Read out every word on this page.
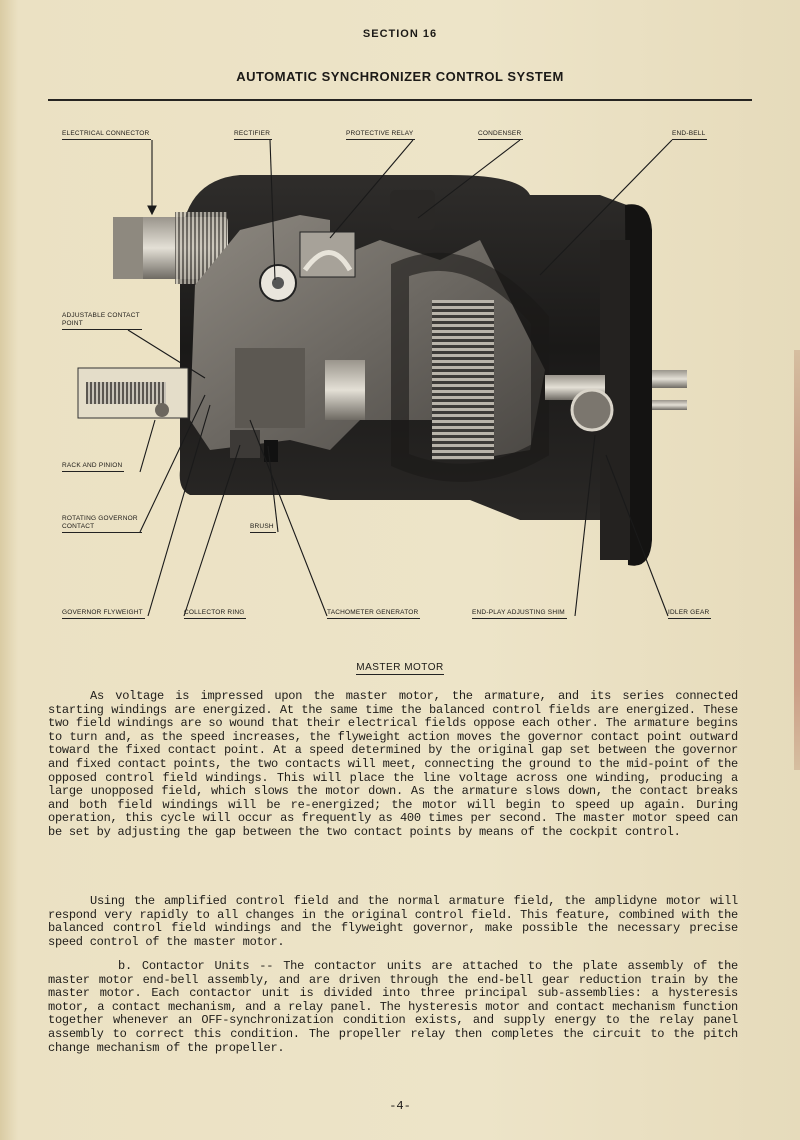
SECTION 16
AUTOMATIC SYNCHRONIZER CONTROL SYSTEM
ELECTRICAL CONNECTOR	RECTIFIER	PROTECTIVE RELAY	CONDENSER	END-BELL
ADJUSTABLE CONTACT POINT
RACK AND PINION
ROTATING GOVERNOR CONTACT	BRUSH
GOVERNOR FLYWEIGHT	COLLECTOR RING	TACHOMETER GENERATOR	END-PLAY ADJUSTING SHIM	IDLER GEAR
MASTER MOTOR

As voltage is impressed upon the master motor, the armature, and its series connected starting windings are energized. At the same time the balanced control fields are energized. These two field windings are so wound that their electrical fields oppose each other. The armature begins to turn and, as the speed increases, the flyweight action moves the governor contact point outward toward the fixed contact point. At a speed determined by the original gap set between the governor and fixed contact points, the two contacts will meet, connecting the ground to the mid-point of the opposed control field windings. This will place the line voltage across one winding, producing a large unopposed field, which slows the motor down. As the armature slows down, the contact breaks and both field windings will be re-energized; the motor will begin to speed up again. During operation, this cycle will occur as frequently as 400 times per second. The master motor speed can be set by adjusting the gap between the two contact points by means of the cockpit control.

Using the amplified control field and the normal armature field, the amplidyne motor will respond very rapidly to all changes in the original control field. This feature, combined with the balanced control field windings and the flyweight governor, make possible the necessary precise speed control of the master motor.

b. Contactor Units -- The contactor units are attached to the plate assembly of the master motor end-bell assembly, and are driven through the end-bell gear reduction train by the master motor. Each contactor unit is divided into three principal sub-assemblies: a hysteresis motor, a contact mechanism, and a relay panel. The hysteresis motor and contact mechanism function together whenever an OFF-synchronization condition exists, and supply energy to the relay panel assembly to correct this condition. The propeller relay then completes the circuit to the pitch change mechanism of the propeller.

-4-
